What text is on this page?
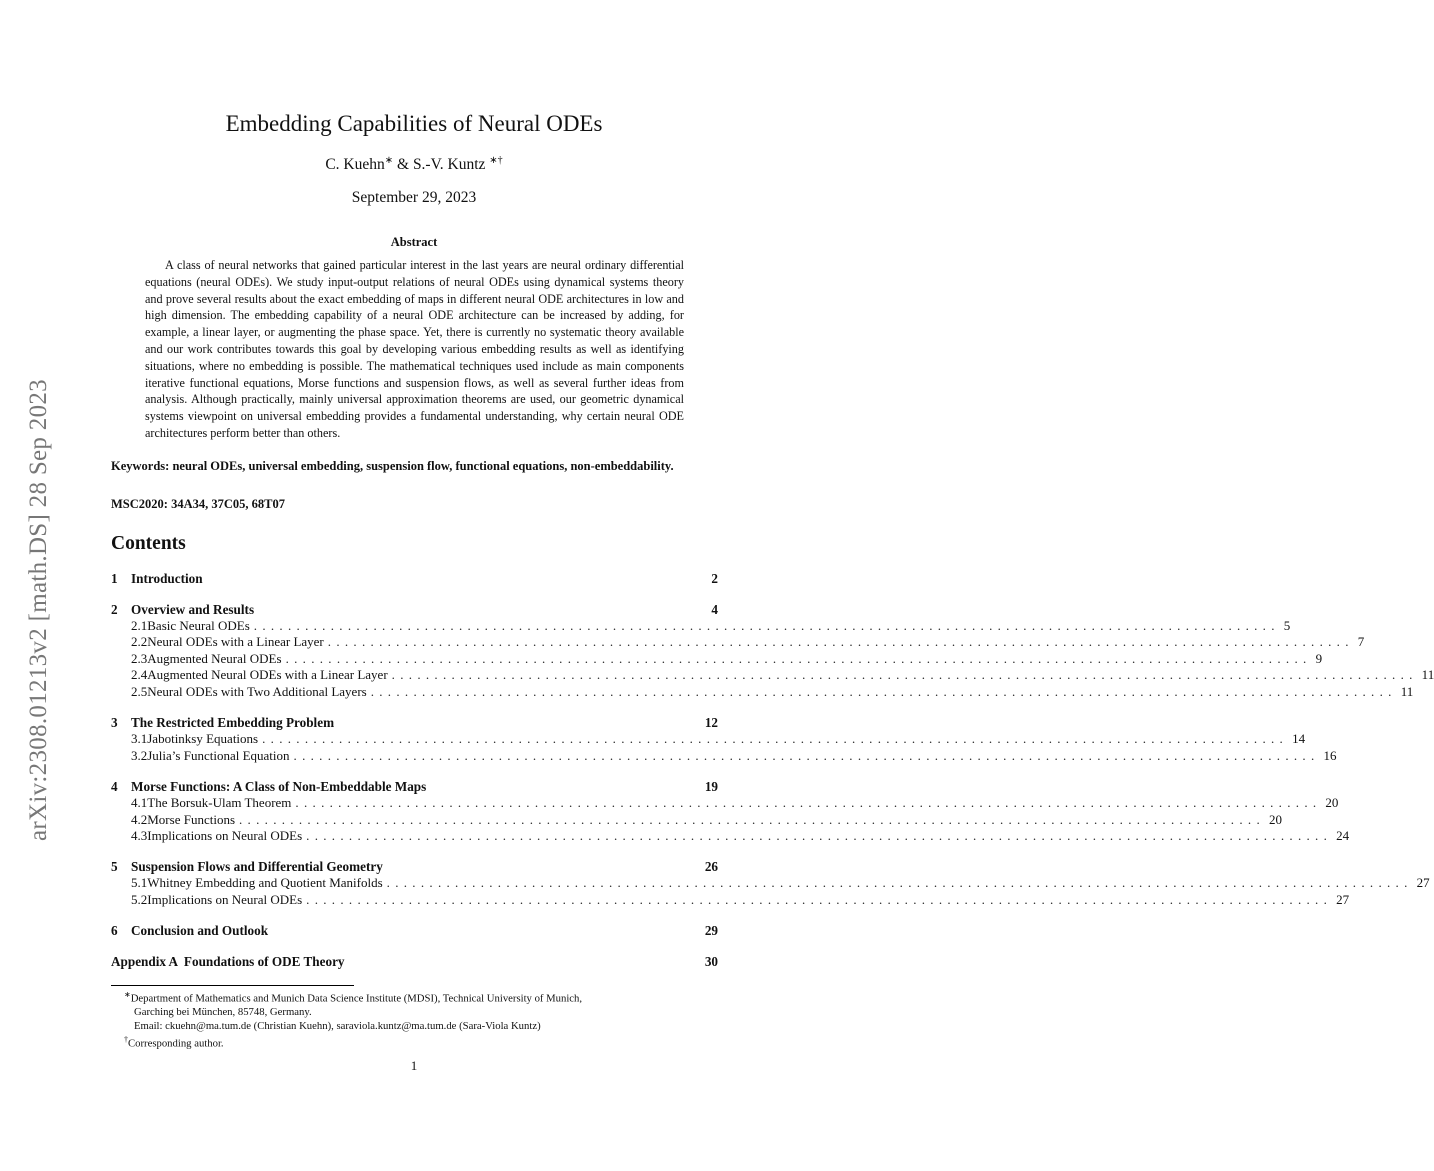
arXiv:2308.01213v2 [math.DS] 28 Sep 2023
Embedding Capabilities of Neural ODEs
C. Kuehn∗ & S.-V. Kuntz ∗†
September 29, 2023
Abstract
A class of neural networks that gained particular interest in the last years are neural ordinary differential equations (neural ODEs). We study input-output relations of neural ODEs using dynamical systems theory and prove several results about the exact embedding of maps in different neural ODE architectures in low and high dimension. The embedding capability of a neural ODE architecture can be increased by adding, for example, a linear layer, or augmenting the phase space. Yet, there is currently no systematic theory available and our work contributes towards this goal by developing various embedding results as well as identifying situations, where no embedding is possible. The mathematical techniques used include as main components iterative functional equations, Morse functions and suspension flows, as well as several further ideas from analysis. Although practically, mainly universal approximation theorems are used, our geometric dynamical systems viewpoint on universal embedding provides a fundamental understanding, why certain neural ODE architectures perform better than others.
Keywords: neural ODEs, universal embedding, suspension flow, functional equations, non-embeddability.
MSC2020: 34A34, 37C05, 68T07
Contents
1	Introduction	2
2	Overview and Results	4
2.1 Basic Neural ODEs ........................................................................................................................ 5
2.2 Neural ODEs with a Linear Layer ........................................................................................................................ 7
2.3 Augmented Neural ODEs ........................................................................................................................ 9
2.4 Augmented Neural ODEs with a Linear Layer ........................................................................................................................ 11
2.5 Neural ODEs with Two Additional Layers ........................................................................................................................ 11
3	The Restricted Embedding Problem	12
3.1 Jabotinksy Equations ........................................................................................................................ 14
3.2 Julia’s Functional Equation ........................................................................................................................ 16
4	Morse Functions: A Class of Non-Embeddable Maps	19
4.1 The Borsuk-Ulam Theorem ........................................................................................................................ 20
4.2 Morse Functions ........................................................................................................................ 20
4.3 Implications on Neural ODEs ........................................................................................................................ 24
5	Suspension Flows and Differential Geometry	26
5.1 Whitney Embedding and Quotient Manifolds ........................................................................................................................ 27
5.2 Implications on Neural ODEs ........................................................................................................................ 27
6	Conclusion and Outlook	29
Appendix A  Foundations of ODE Theory	30
∗Department of Mathematics and Munich Data Science Institute (MDSI), Technical University of Munich,
Garching bei München, 85748, Germany.
Email: ckuehn@ma.tum.de (Christian Kuehn), saraviola.kuntz@ma.tum.de (Sara-Viola Kuntz)
†Corresponding author.
1
